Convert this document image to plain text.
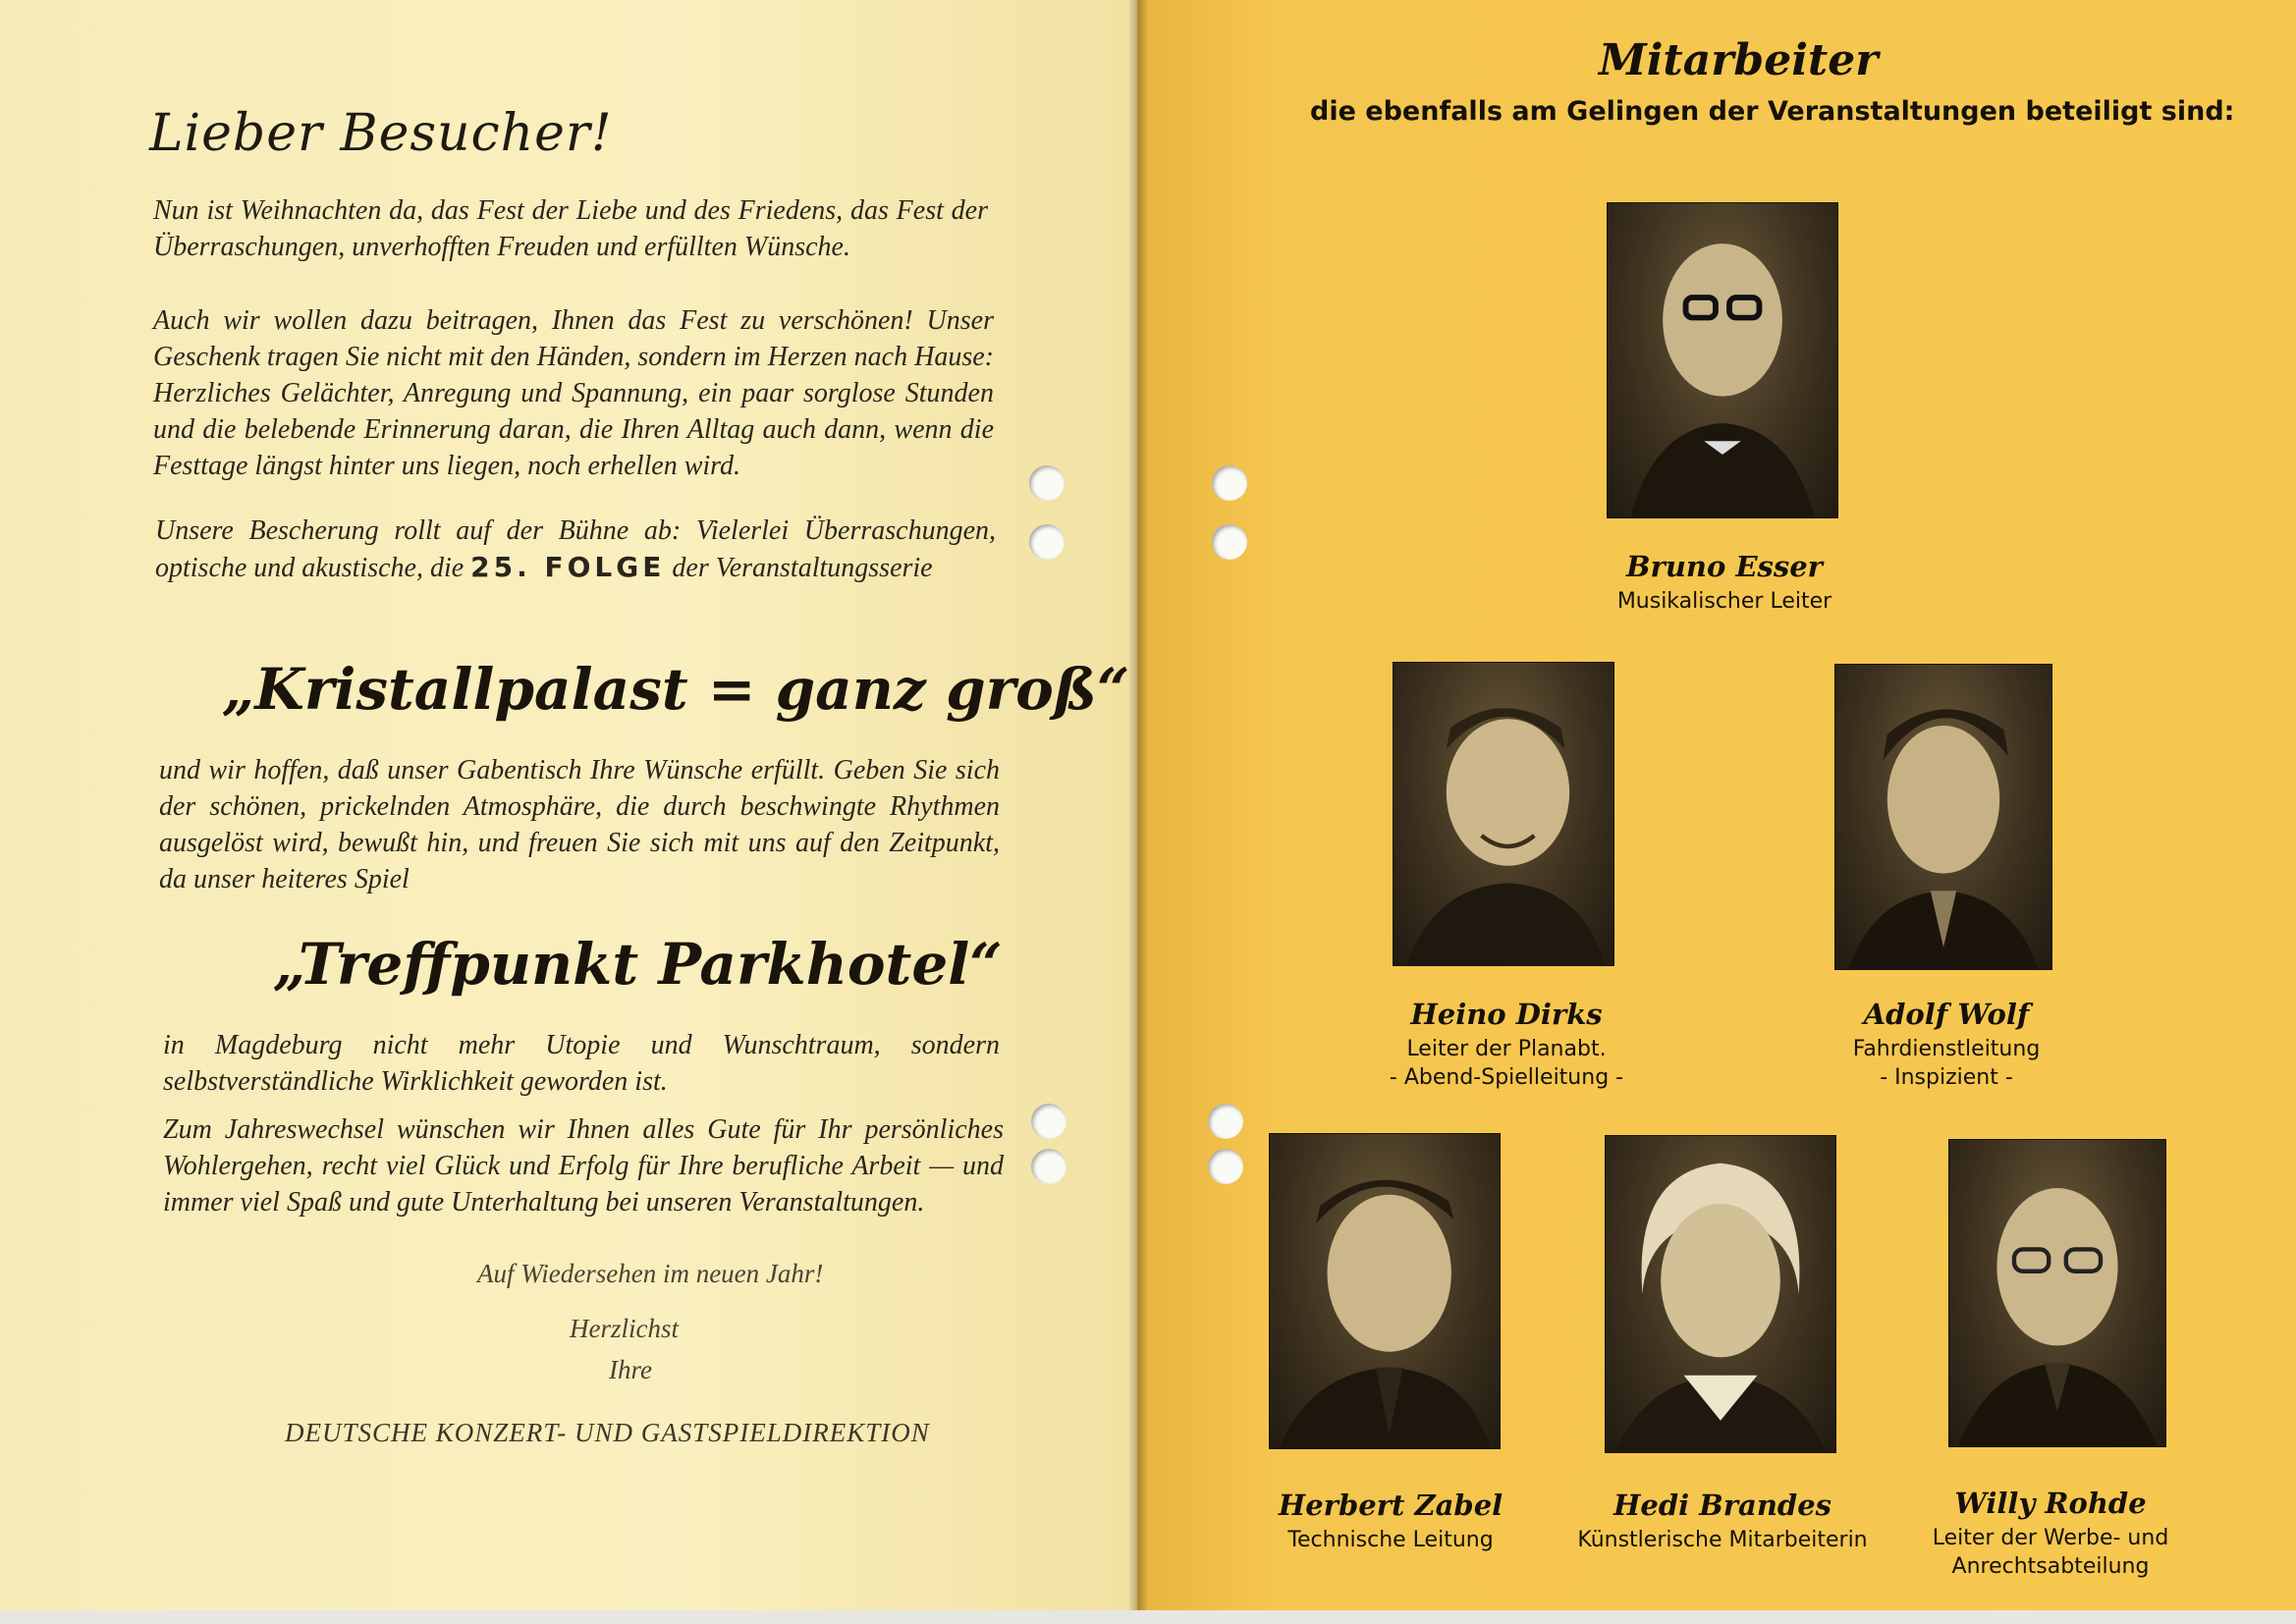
Lieber Besucher!

Nun ist Weihnachten da, das Fest der Liebe und des Friedens, das Fest der Überraschungen, unverhofften Freuden und erfüllten Wünsche.

Auch wir wollen dazu beitragen, Ihnen das Fest zu verschönen! Unser Geschenk tragen Sie nicht mit den Händen, sondern im Herzen nach Hause: Herzliches Gelächter, Anregung und Spannung, ein paar sorglose Stunden und die belebende Erinnerung daran, die Ihren Alltag auch dann, wenn die Festtage längst hinter uns liegen, noch erhellen wird.

Unsere Bescherung rollt auf der Bühne ab: Vielerlei Überraschungen, optische und akustische, die 25. FOLGE der Veranstaltungsserie

„Kristallpalast = ganz groß“

und wir hoffen, daß unser Gabentisch Ihre Wünsche erfüllt. Geben Sie sich der schönen, prickelnden Atmosphäre, die durch beschwingte Rhythmen ausgelöst wird, bewußt hin, und freuen Sie sich mit uns auf den Zeitpunkt, da unser heiteres Spiel

„Treffpunkt Parkhotel“

in Magdeburg nicht mehr Utopie und Wunschtraum, sondern selbstverständliche Wirklichkeit geworden ist.

Zum Jahreswechsel wünschen wir Ihnen alles Gute für Ihr persönliches Wohlergehen, recht viel Glück und Erfolg für Ihre berufliche Arbeit — und immer viel Spaß und gute Unterhaltung bei unseren Veranstaltungen.

Auf Wiedersehen im neuen Jahr!
Herzlichst
Ihre
DEUTSCHE KONZERT- UND GASTSPIELDIREKTION
Mitarbeiter
die ebenfalls am Gelingen der Veranstaltungen beteiligt sind:
Bruno Esser
Musikalischer Leiter
Heino Dirks
Leiter der Planabt.
- Abend-Spielleitung -
Adolf Wolf
Fahrdienstleitung
- Inspizient -
Herbert Zabel
Technische Leitung
Hedi Brandes
Künstlerische Mitarbeiterin
Willy Rohde
Leiter der Werbe- und
Anrechtsabteilung
